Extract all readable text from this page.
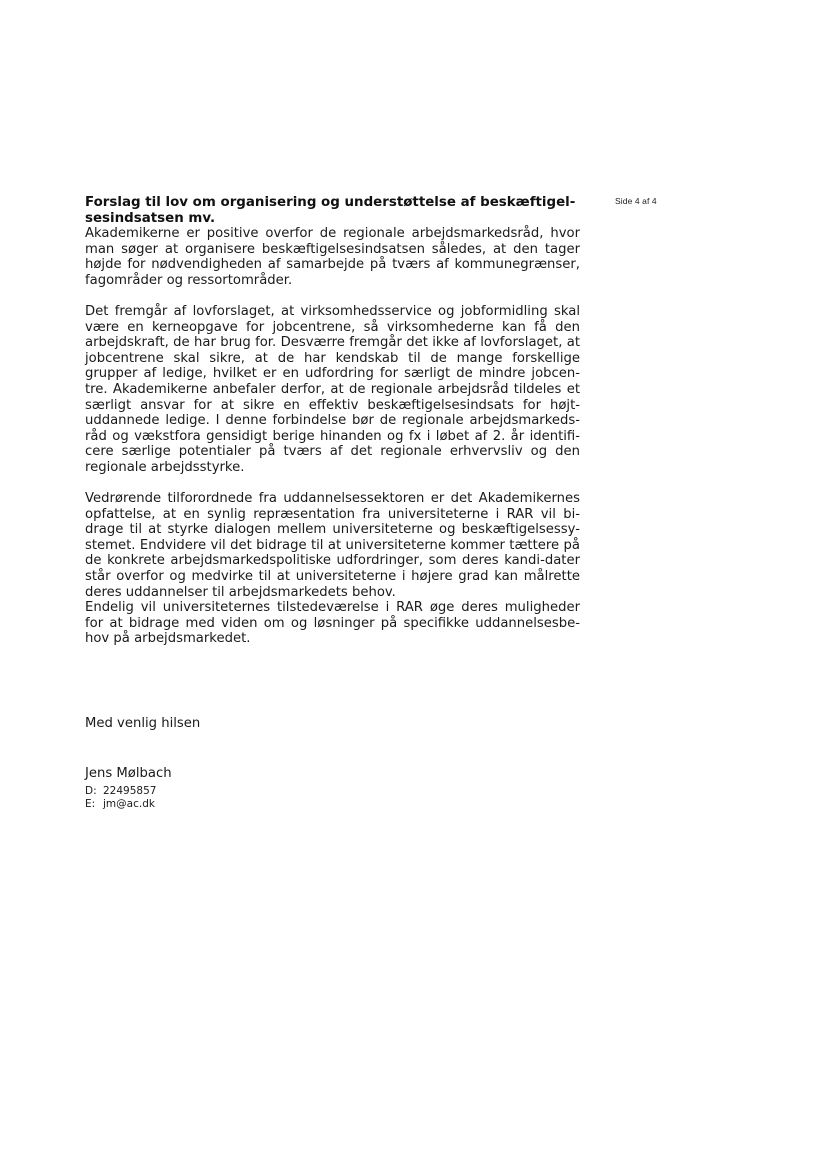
Side 4 af 4
Forslag til lov om organisering og understøttelse af beskæftigel-sesindsatsen mv.

Akademikerne er positive overfor de regionale arbejdsmarkedsråd, hvor man søger at organisere beskæftigelsesindsatsen således, at den tager højde for nødvendigheden af samarbejde på tværs af kommunegrænser, fagområder og ressortområder.

Det fremgår af lovforslaget, at virksomhedsservice og jobformidling skal være en kerneopgave for jobcentrene, så virksomhederne kan få den arbejdskraft, de har brug for. Desværre fremgår det ikke af lovforslaget, at jobcentrene skal sikre, at de har kendskab til de mange forskellige grupper af ledige, hvilket er en udfordring for særligt de mindre jobcen-tre. Akademikerne anbefaler derfor, at de regionale arbejdsråd tildeles et særligt ansvar for at sikre en effektiv beskæftigelsesindsats for højt-uddannede ledige. I denne forbindelse bør de regionale arbejdsmarkeds-råd og vækstfora gensidigt berige hinanden og fx i løbet af 2. år identifi-cere særlige potentialer på tværs af det regionale erhvervsliv og den regionale arbejdsstyrke.

Vedrørende tilforordnede fra uddannelsessektoren er det Akademikernes opfattelse, at en synlig repræsentation fra universiteterne i RAR vil bi-drage til at styrke dialogen mellem universiteterne og beskæftigelsessy-stemet. Endvidere vil det bidrage til at universiteterne kommer tættere på de konkrete arbejdsmarkedspolitiske udfordringer, som deres kandi-dater står overfor og medvirke til at universiteterne i højere grad kan målrette deres uddannelser til arbejdsmarkedets behov.

Endelig vil universiteternes tilstedeværelse i RAR øge deres muligheder for at bidrage med viden om og løsninger på specifikke uddannelsesbe-hov på arbejdsmarkedet.

Med venlig hilsen
Jens Mølbach
D: 22495857
E: jm@ac.dk
